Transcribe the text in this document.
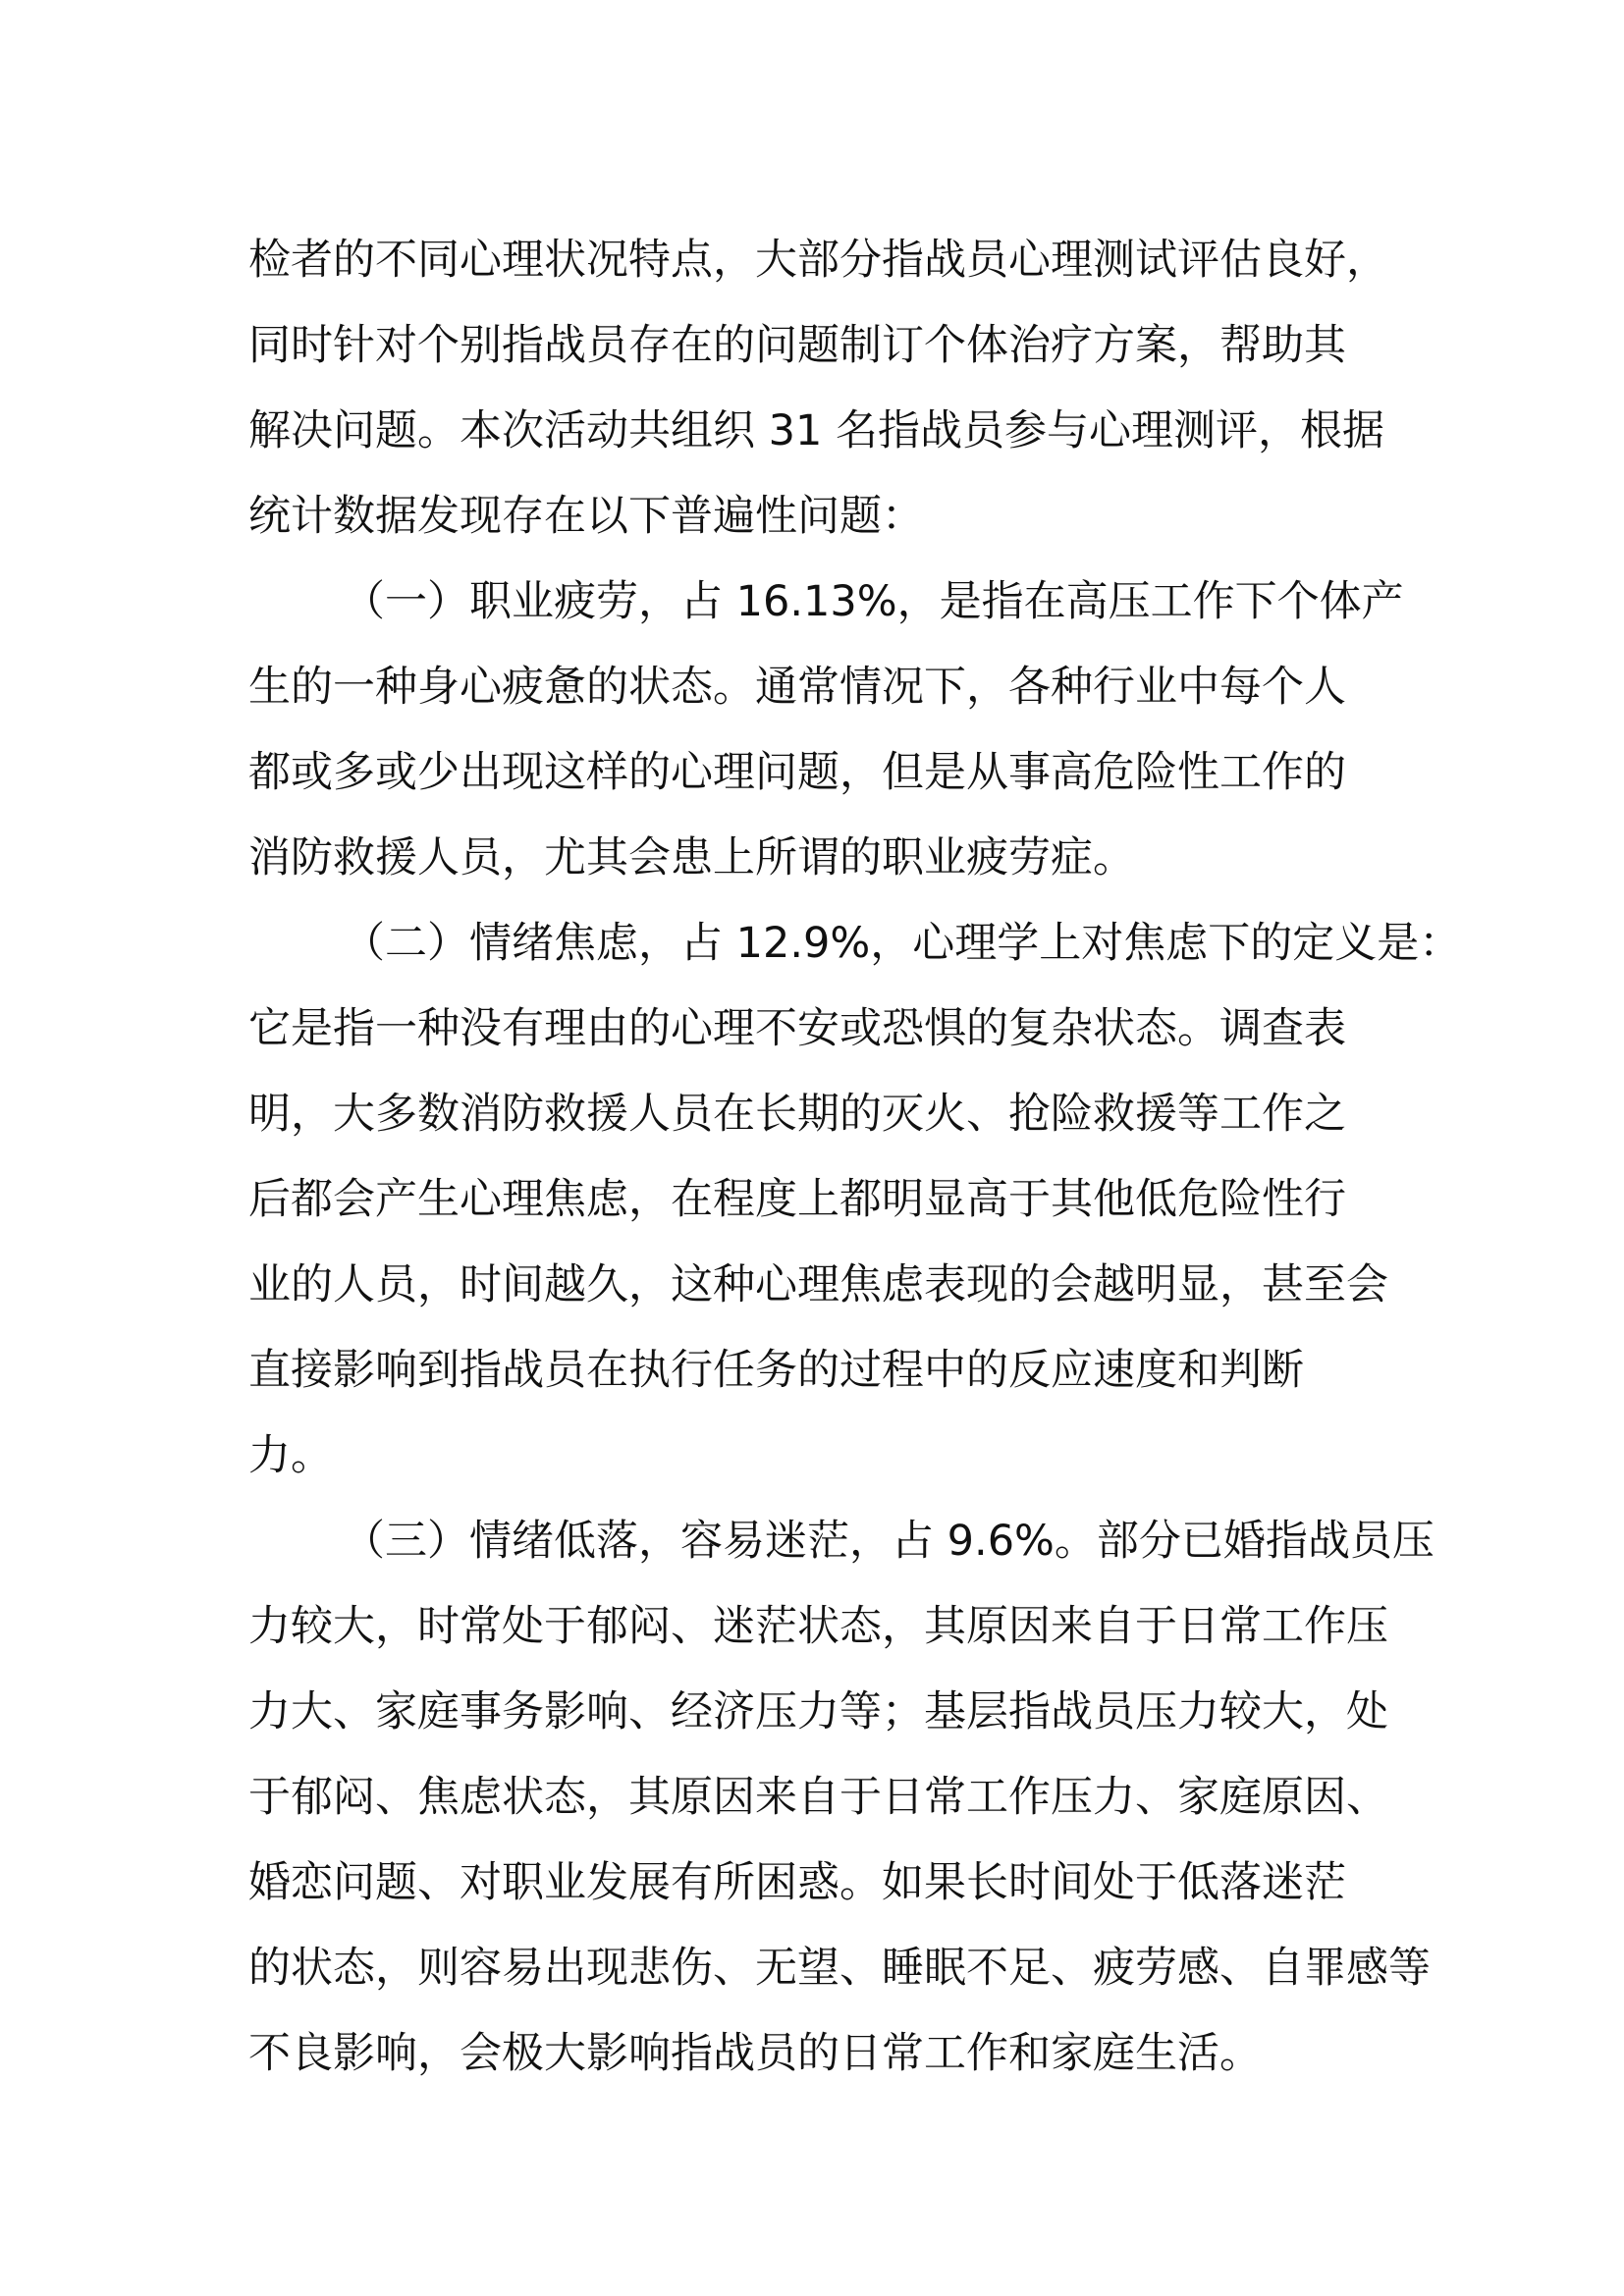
检者的不同心理状况特点，大部分指战员心理测试评估良好，
同时针对个别指战员存在的问题制订个体治疗方案，帮助其
解决问题。本次活动共组织 31 名指战员参与心理测评，根据
统计数据发现存在以下普遍性问题：
（一）职业疲劳，占 16.13%，是指在高压工作下个体产
生的一种身心疲惫的状态。通常情况下，各种行业中每个人
都或多或少出现这样的心理问题，但是从事高危险性工作的
消防救援人员，尤其会患上所谓的职业疲劳症。
（二）情绪焦虑，占 12.9%，心理学上对焦虑下的定义是：
它是指一种没有理由的心理不安或恐惧的复杂状态。调查表
明，大多数消防救援人员在长期的灭火、抢险救援等工作之
后都会产生心理焦虑，在程度上都明显高于其他低危险性行
业的人员，时间越久，这种心理焦虑表现的会越明显，甚至会
直接影响到指战员在执行任务的过程中的反应速度和判断
力。
（三）情绪低落，容易迷茫，占 9.6%。部分已婚指战员压
力较大，时常处于郁闷、迷茫状态，其原因来自于日常工作压
力大、家庭事务影响、经济压力等；基层指战员压力较大，处
于郁闷、焦虑状态，其原因来自于日常工作压力、家庭原因、
婚恋问题、对职业发展有所困惑。如果长时间处于低落迷茫
的状态，则容易出现悲伤、无望、睡眠不足、疲劳感、自罪感等
不良影响，会极大影响指战员的日常工作和家庭生活。
